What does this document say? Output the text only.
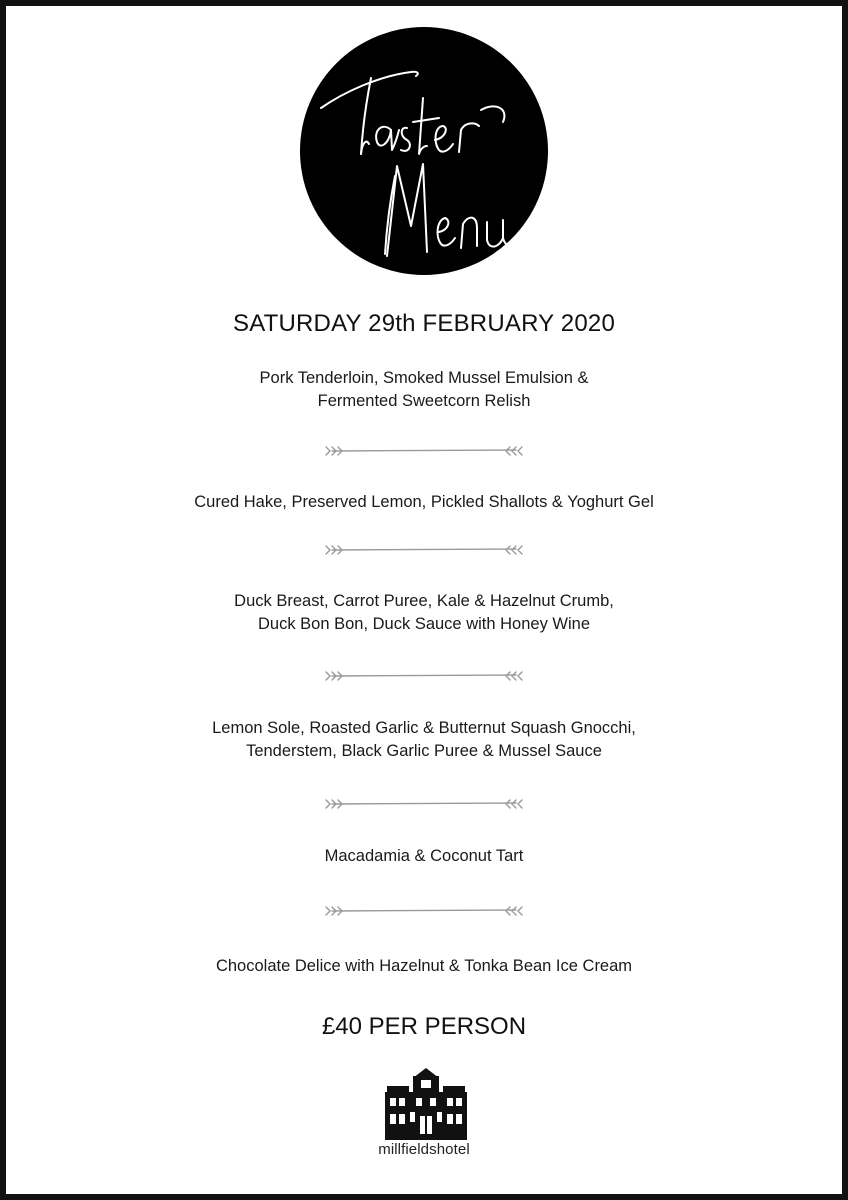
SATURDAY 29th FEBRUARY 2020
Pork Tenderloin, Smoked Mussel Emulsion &
Fermented Sweetcorn Relish
Cured Hake, Preserved Lemon, Pickled Shallots & Yoghurt Gel
Duck Breast, Carrot Puree, Kale & Hazelnut Crumb,
Duck Bon Bon, Duck Sauce with Honey Wine
Lemon Sole, Roasted Garlic & Butternut Squash Gnocchi,
Tenderstem, Black Garlic Puree & Mussel Sauce
Macadamia & Coconut Tart
Chocolate Delice with Hazelnut & Tonka Bean Ice Cream
£40 PER PERSON
millfieldshotel
